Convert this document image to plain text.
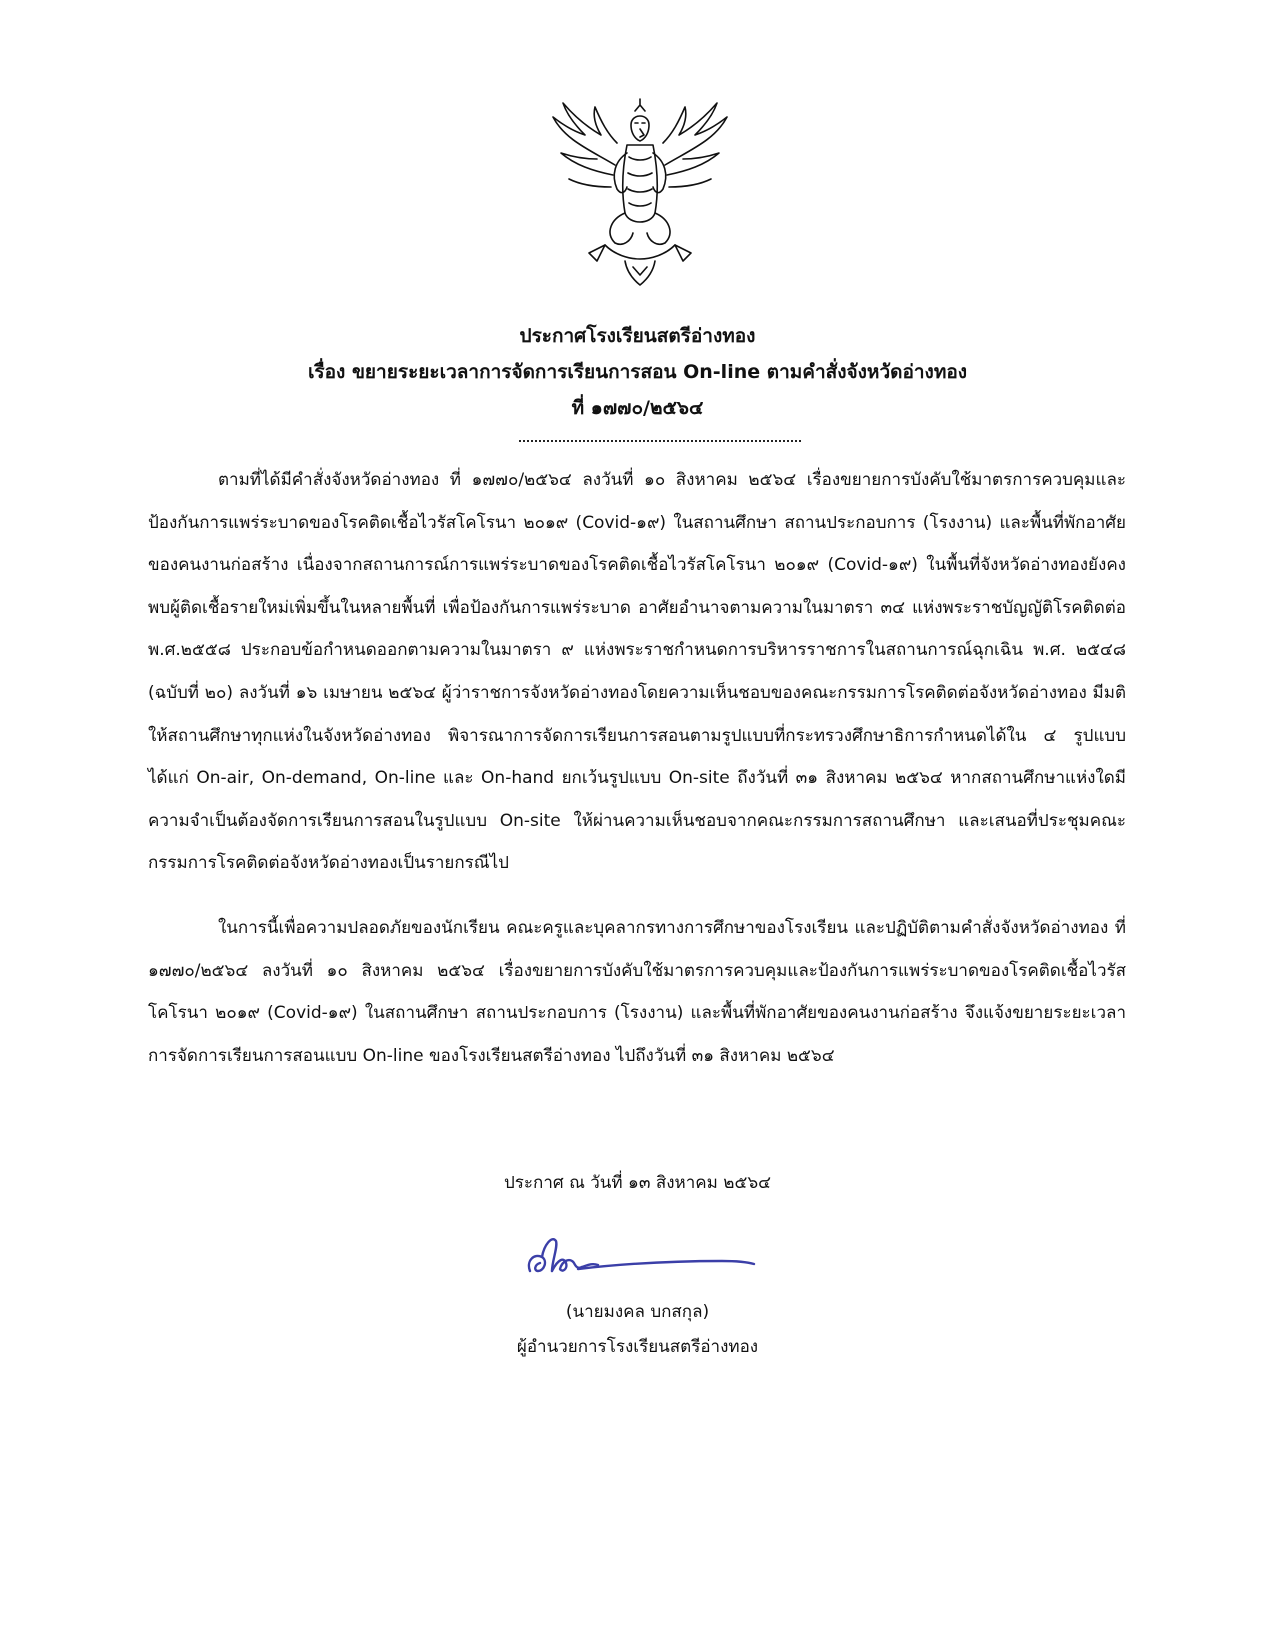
ประกาศโรงเรียนสตรีอ่างทอง
เรื่อง ขยายระยะเวลาการจัดการเรียนการสอน On-line ตามคำสั่งจังหวัดอ่างทอง
ที่ ๑๗๗๐/๒๕๖๔

ตามที่ได้มีคำสั่งจังหวัดอ่างทอง ที่ ๑๗๗๐/๒๕๖๔ ลงวันที่ ๑๐ สิงหาคม ๒๕๖๔ เรื่องขยายการบังคับใช้มาตรการควบคุมและป้องกันการแพร่ระบาดของโรคติดเชื้อไวรัสโคโรนา ๒๐๑๙ (Covid-๑๙) ในสถานศึกษา สถานประกอบการ (โรงงาน) และพื้นที่พักอาศัยของคนงานก่อสร้าง เนื่องจากสถานการณ์การแพร่ระบาดของโรคติดเชื้อไวรัสโคโรนา ๒๐๑๙ (Covid-๑๙) ในพื้นที่จังหวัดอ่างทองยังคงพบผู้ติดเชื้อรายใหม่เพิ่มขึ้นในหลายพื้นที่ เพื่อป้องกันการแพร่ระบาด อาศัยอำนาจตามความในมาตรา ๓๔ แห่งพระราชบัญญัติโรคติดต่อ พ.ศ.๒๕๕๘ ประกอบข้อกำหนดออกตามความในมาตรา ๙ แห่งพระราชกำหนดการบริหารราชการในสถานการณ์ฉุกเฉิน พ.ศ. ๒๕๔๘ (ฉบับที่ ๒๐) ลงวันที่ ๑๖ เมษายน ๒๕๖๔ ผู้ว่าราชการจังหวัดอ่างทองโดยความเห็นชอบของคณะกรรมการโรคติดต่อจังหวัดอ่างทอง มีมติให้สถานศึกษาทุกแห่งในจังหวัดอ่างทอง พิจารณาการจัดการเรียนการสอนตามรูปแบบที่กระทรวงศึกษาธิการกำหนดได้ใน ๔ รูปแบบ ได้แก่ On-air, On-demand, On-line และ On-hand ยกเว้นรูปแบบ On-site ถึงวันที่ ๓๑ สิงหาคม ๒๕๖๔ หากสถานศึกษาแห่งใดมีความจำเป็นต้องจัดการเรียนการสอนในรูปแบบ On-site ให้ผ่านความเห็นชอบจากคณะกรรมการสถานศึกษา และเสนอที่ประชุมคณะกรรมการโรคติดต่อจังหวัดอ่างทองเป็นรายกรณีไป

ในการนี้เพื่อความปลอดภัยของนักเรียน คณะครูและบุคลากรทางการศึกษาของโรงเรียน และปฏิบัติตามคำสั่งจังหวัดอ่างทอง ที่ ๑๗๗๐/๒๕๖๔ ลงวันที่ ๑๐ สิงหาคม ๒๕๖๔ เรื่องขยายการบังคับใช้มาตรการควบคุมและป้องกันการแพร่ระบาดของโรคติดเชื้อไวรัสโคโรนา ๒๐๑๙ (Covid-๑๙) ในสถานศึกษา สถานประกอบการ (โรงงาน) และพื้นที่พักอาศัยของคนงานก่อสร้าง จึงแจ้งขยายระยะเวลาการจัดการเรียนการสอนแบบ On-line ของโรงเรียนสตรีอ่างทอง ไปถึงวันที่ ๓๑ สิงหาคม ๒๕๖๔

ประกาศ ณ วันที่ ๑๓ สิงหาคม ๒๕๖๔
(นายมงคล บกสกุล)
ผู้อำนวยการโรงเรียนสตรีอ่างทอง
